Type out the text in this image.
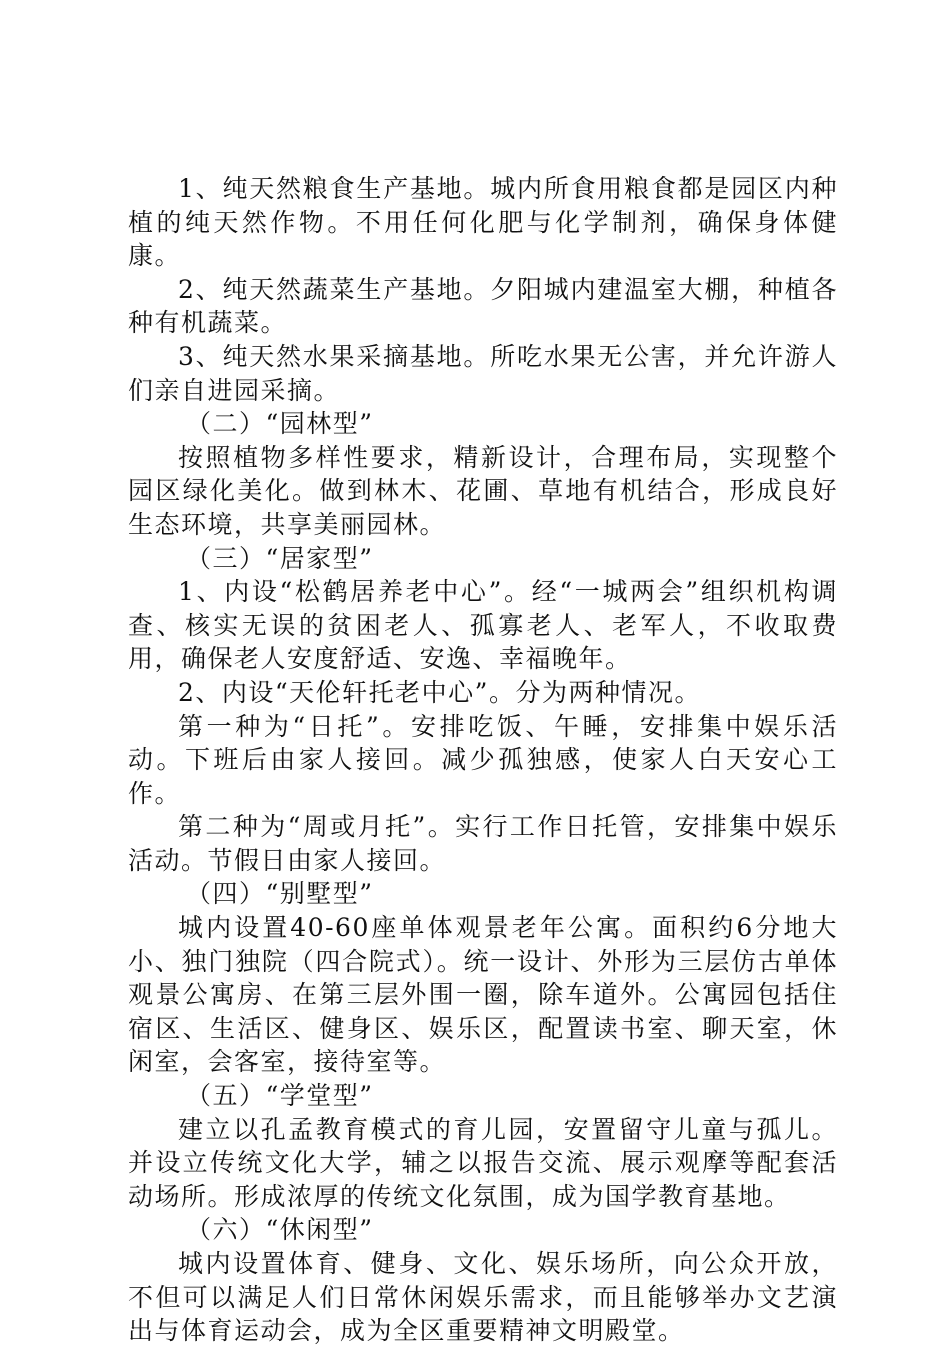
1、纯天然粮食生产基地。城内所食用粮食都是园区内种植的纯天然作物。不用任何化肥与化学制剂，确保身体健康。

2、纯天然蔬菜生产基地。夕阳城内建温室大棚，种植各种有机蔬菜。

3、纯天然水果采摘基地。所吃水果无公害，并允许游人们亲自进园采摘。

（二）“园林型”

按照植物多样性要求，精新设计，合理布局，实现整个园区绿化美化。做到林木、花圃、草地有机结合，形成良好生态环境，共享美丽园林。

（三）“居家型”

1、内设“松鹤居养老中心”。经“一城两会”组织机构调查、核实无误的贫困老人、孤寡老人、老军人，不收取费用，确保老人安度舒适、安逸、幸福晚年。

2、内设“天伦轩托老中心”。分为两种情况。

第一种为“日托”。安排吃饭、午睡，安排集中娱乐活动。下班后由家人接回。减少孤独感，使家人白天安心工作。

第二种为“周或月托”。实行工作日托管，安排集中娱乐活动。节假日由家人接回。

（四）“别墅型”

城内设置40-60座单体观景老年公寓。面积约6分地大小、独门独院（四合院式）。统一设计、外形为三层仿古单体观景公寓房、在第三层外围一圈，除车道外。公寓园包括住宿区、生活区、健身区、娱乐区，配置读书室、聊天室，休闲室，会客室，接待室等。

（五）“学堂型”

建立以孔孟教育模式的育儿园，安置留守儿童与孤儿。并设立传统文化大学，辅之以报告交流、展示观摩等配套活动场所。形成浓厚的传统文化氛围，成为国学教育基地。

（六）“休闲型”

城内设置体育、健身、文化、娱乐场所，向公众开放，不但可以满足人们日常休闲娱乐需求，而且能够举办文艺演出与体育运动会，成为全区重要精神文明殿堂。
